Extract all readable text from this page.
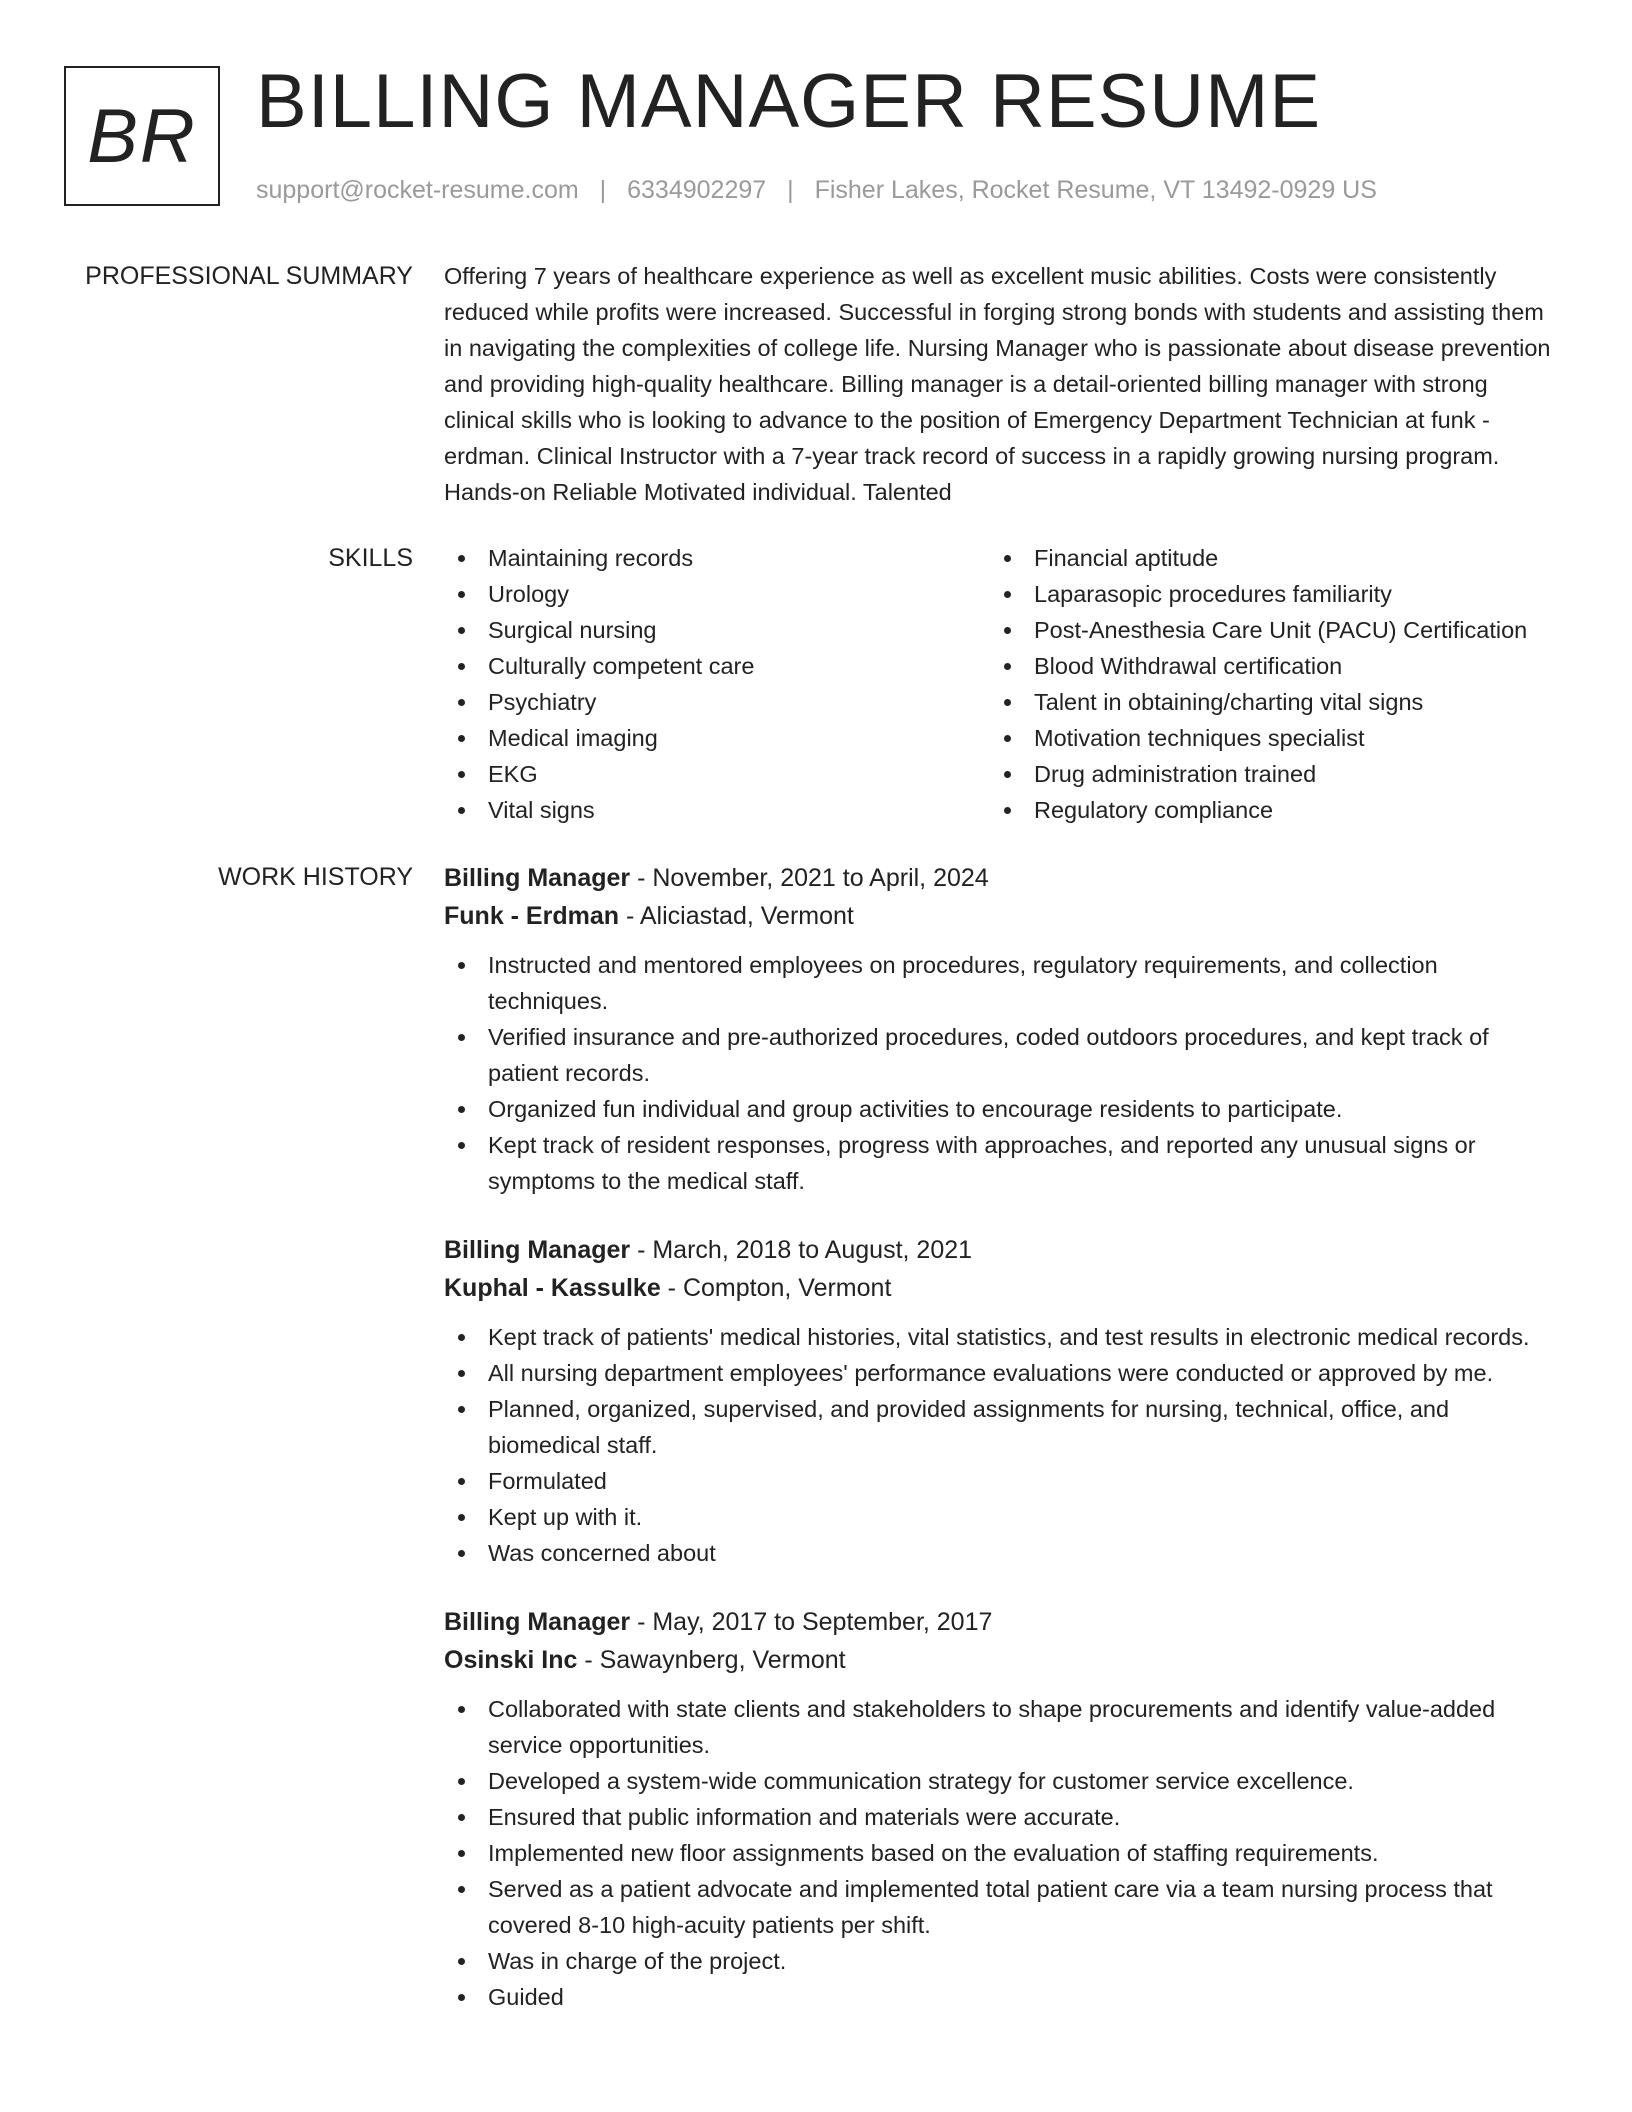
BR BILLING MANAGER RESUME
support@rocket-resume.com | 6334902297 | Fisher Lakes, Rocket Resume, VT 13492-0929 US
PROFESSIONAL SUMMARY Offering 7 years of healthcare experience as well as excellent music abilities. Costs were consistently reduced while profits were increased. Successful in forging strong bonds with students and assisting them in navigating the complexities of college life. Nursing Manager who is passionate about disease prevention and providing high-quality healthcare. Billing manager is a detail-oriented billing manager with strong clinical skills who is looking to advance to the position of Emergency Department Technician at funk - erdman. Clinical Instructor with a 7-year track record of success in a rapidly growing nursing program. Hands-on Reliable Motivated individual. Talented

SKILLS	Maintaining records
Urology
Surgical nursing
Culturally competent care
Psychiatry
Medical imaging
EKG
Vital signs
Financial aptitude
Laparasopic procedures familiarity
Post-Anesthesia Care Unit (PACU) Certification
Blood Withdrawal certification
Talent in obtaining/charting vital signs
Motivation techniques specialist
Drug administration trained
Regulatory compliance
WORK HISTORY Billing Manager - November, 2021 to April, 2024
Funk - Erdman - Aliciastad, Vermont
Instructed and mentored employees on procedures, regulatory requirements, and collection techniques.
Verified insurance and pre-authorized procedures, coded outdoors procedures, and kept track of patient records.
Organized fun individual and group activities to encourage residents to participate.
Kept track of resident responses, progress with approaches, and reported any unusual signs or symptoms to the medical staff.
Billing Manager - March, 2018 to August, 2021
Kuphal - Kassulke - Compton, Vermont
Kept track of patients' medical histories, vital statistics, and test results in electronic medical records.
All nursing department employees' performance evaluations were conducted or approved by me.
Planned, organized, supervised, and provided assignments for nursing, technical, office, and biomedical staff.
Formulated
Kept up with it.
Was concerned about
Billing Manager - May, 2017 to September, 2017
Osinski Inc - Sawaynberg, Vermont
Collaborated with state clients and stakeholders to shape procurements and identify value-added service opportunities.
Developed a system-wide communication strategy for customer service excellence.
Ensured that public information and materials were accurate.
Implemented new floor assignments based on the evaluation of staffing requirements.
Served as a patient advocate and implemented total patient care via a team nursing process that covered 8-10 high-acuity patients per shift.
Was in charge of the project.
Guided
